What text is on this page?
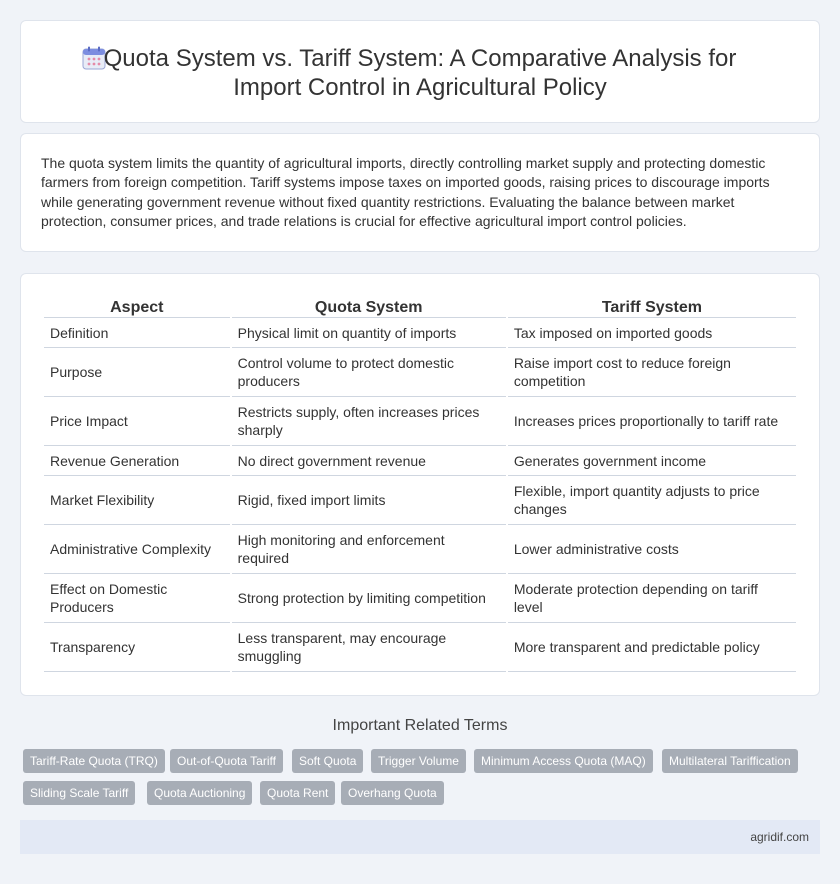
Quota System vs. Tariff System: A Comparative Analysis for Import Control in Agricultural Policy

The quota system limits the quantity of agricultural imports, directly controlling market supply and protecting domestic farmers from foreign competition. Tariff systems impose taxes on imported goods, raising prices to discourage imports while generating government revenue without fixed quantity restrictions. Evaluating the balance between market protection, consumer prices, and trade relations is crucial for effective agricultural import control policies.

Aspect	Quota System	Tariff System
Definition	Physical limit on quantity of imports	Tax imposed on imported goods
Purpose	Control volume to protect domestic producers	Raise import cost to reduce foreign competition
Price Impact	Restricts supply, often increases prices sharply	Increases prices proportionally to tariff rate
Revenue Generation	No direct government revenue	Generates government income
Market Flexibility	Rigid, fixed import limits	Flexible, import quantity adjusts to price changes
Administrative Complexity	High monitoring and enforcement required	Lower administrative costs
Effect on Domestic Producers	Strong protection by limiting competition	Moderate protection depending on tariff level
Transparency	Less transparent, may encourage smuggling	More transparent and predictable policy
Important Related Terms
Tariff-Rate Quota (TRQ)	Out-of-Quota Tariff	Soft Quota	Trigger Volume	Minimum Access Quota (MAQ)	Multilateral Tariffication
Sliding Scale Tariff	Quota Auctioning	Quota Rent	Overhang Quota
agridif.com
